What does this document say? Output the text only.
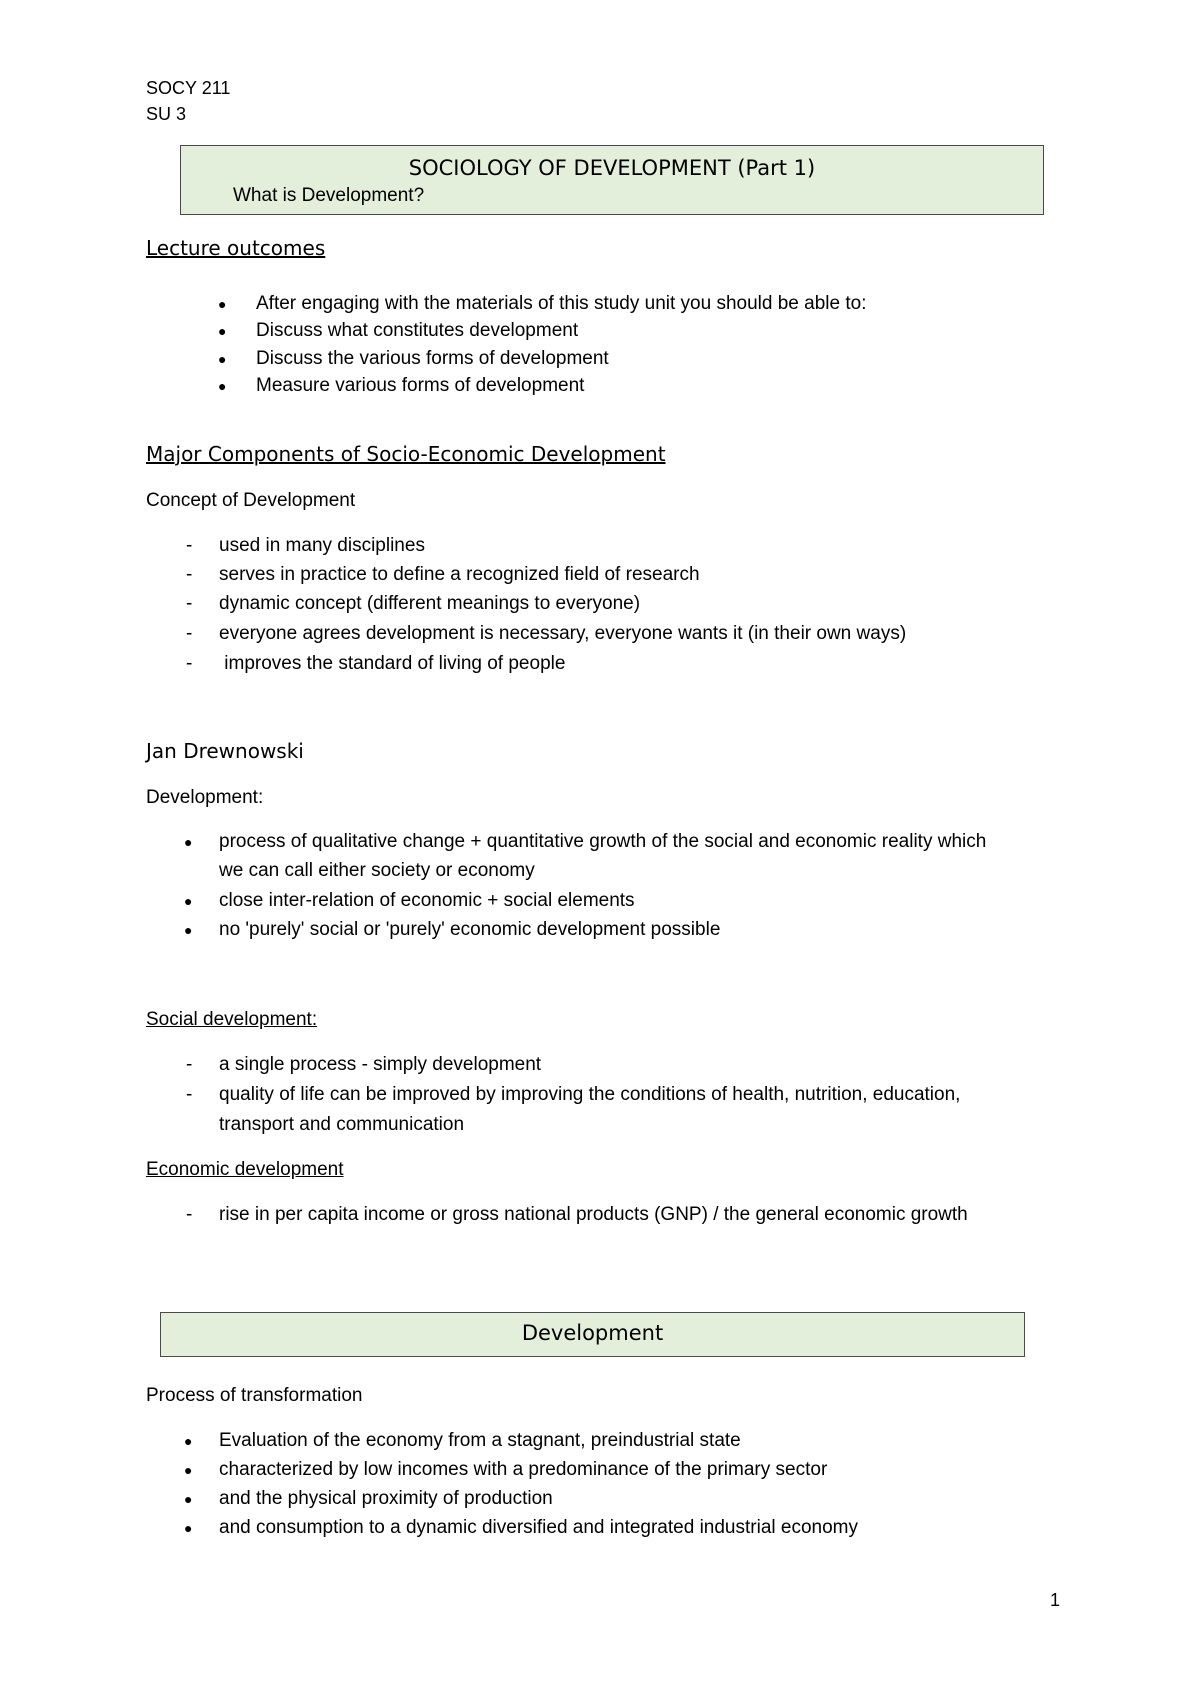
SOCY 211
SU 3
SOCIOLOGY OF DEVELOPMENT (Part 1)
What is Development?
Lecture outcomes
● After engaging with the materials of this study unit you should be able to:
● Discuss what constitutes development
● Discuss the various forms of development
● Measure various forms of development
Major Components of Socio-Economic Development
Concept of Development
- used in many disciplines
- serves in practice to define a recognized field of research
- dynamic concept (different meanings to everyone)
- everyone agrees development is necessary, everyone wants it (in their own ways)
- improves the standard of living of people
Jan Drewnowski
Development:
● process of qualitative change + quantitative growth of the social and economic reality which
we can call either society or economy
● close inter-relation of economic + social elements
● no 'purely' social or 'purely' economic development possible
Social development:
- a single process - simply development
- quality of life can be improved by improving the conditions of health, nutrition, education,
transport and communication
Economic development
- rise in per capita income or gross national products (GNP) / the general economic growth
Development
Process of transformation
● Evaluation of the economy from a stagnant, preindustrial state
● characterized by low incomes with a predominance of the primary sector
● and the physical proximity of production
● and consumption to a dynamic diversified and integrated industrial economy
1
